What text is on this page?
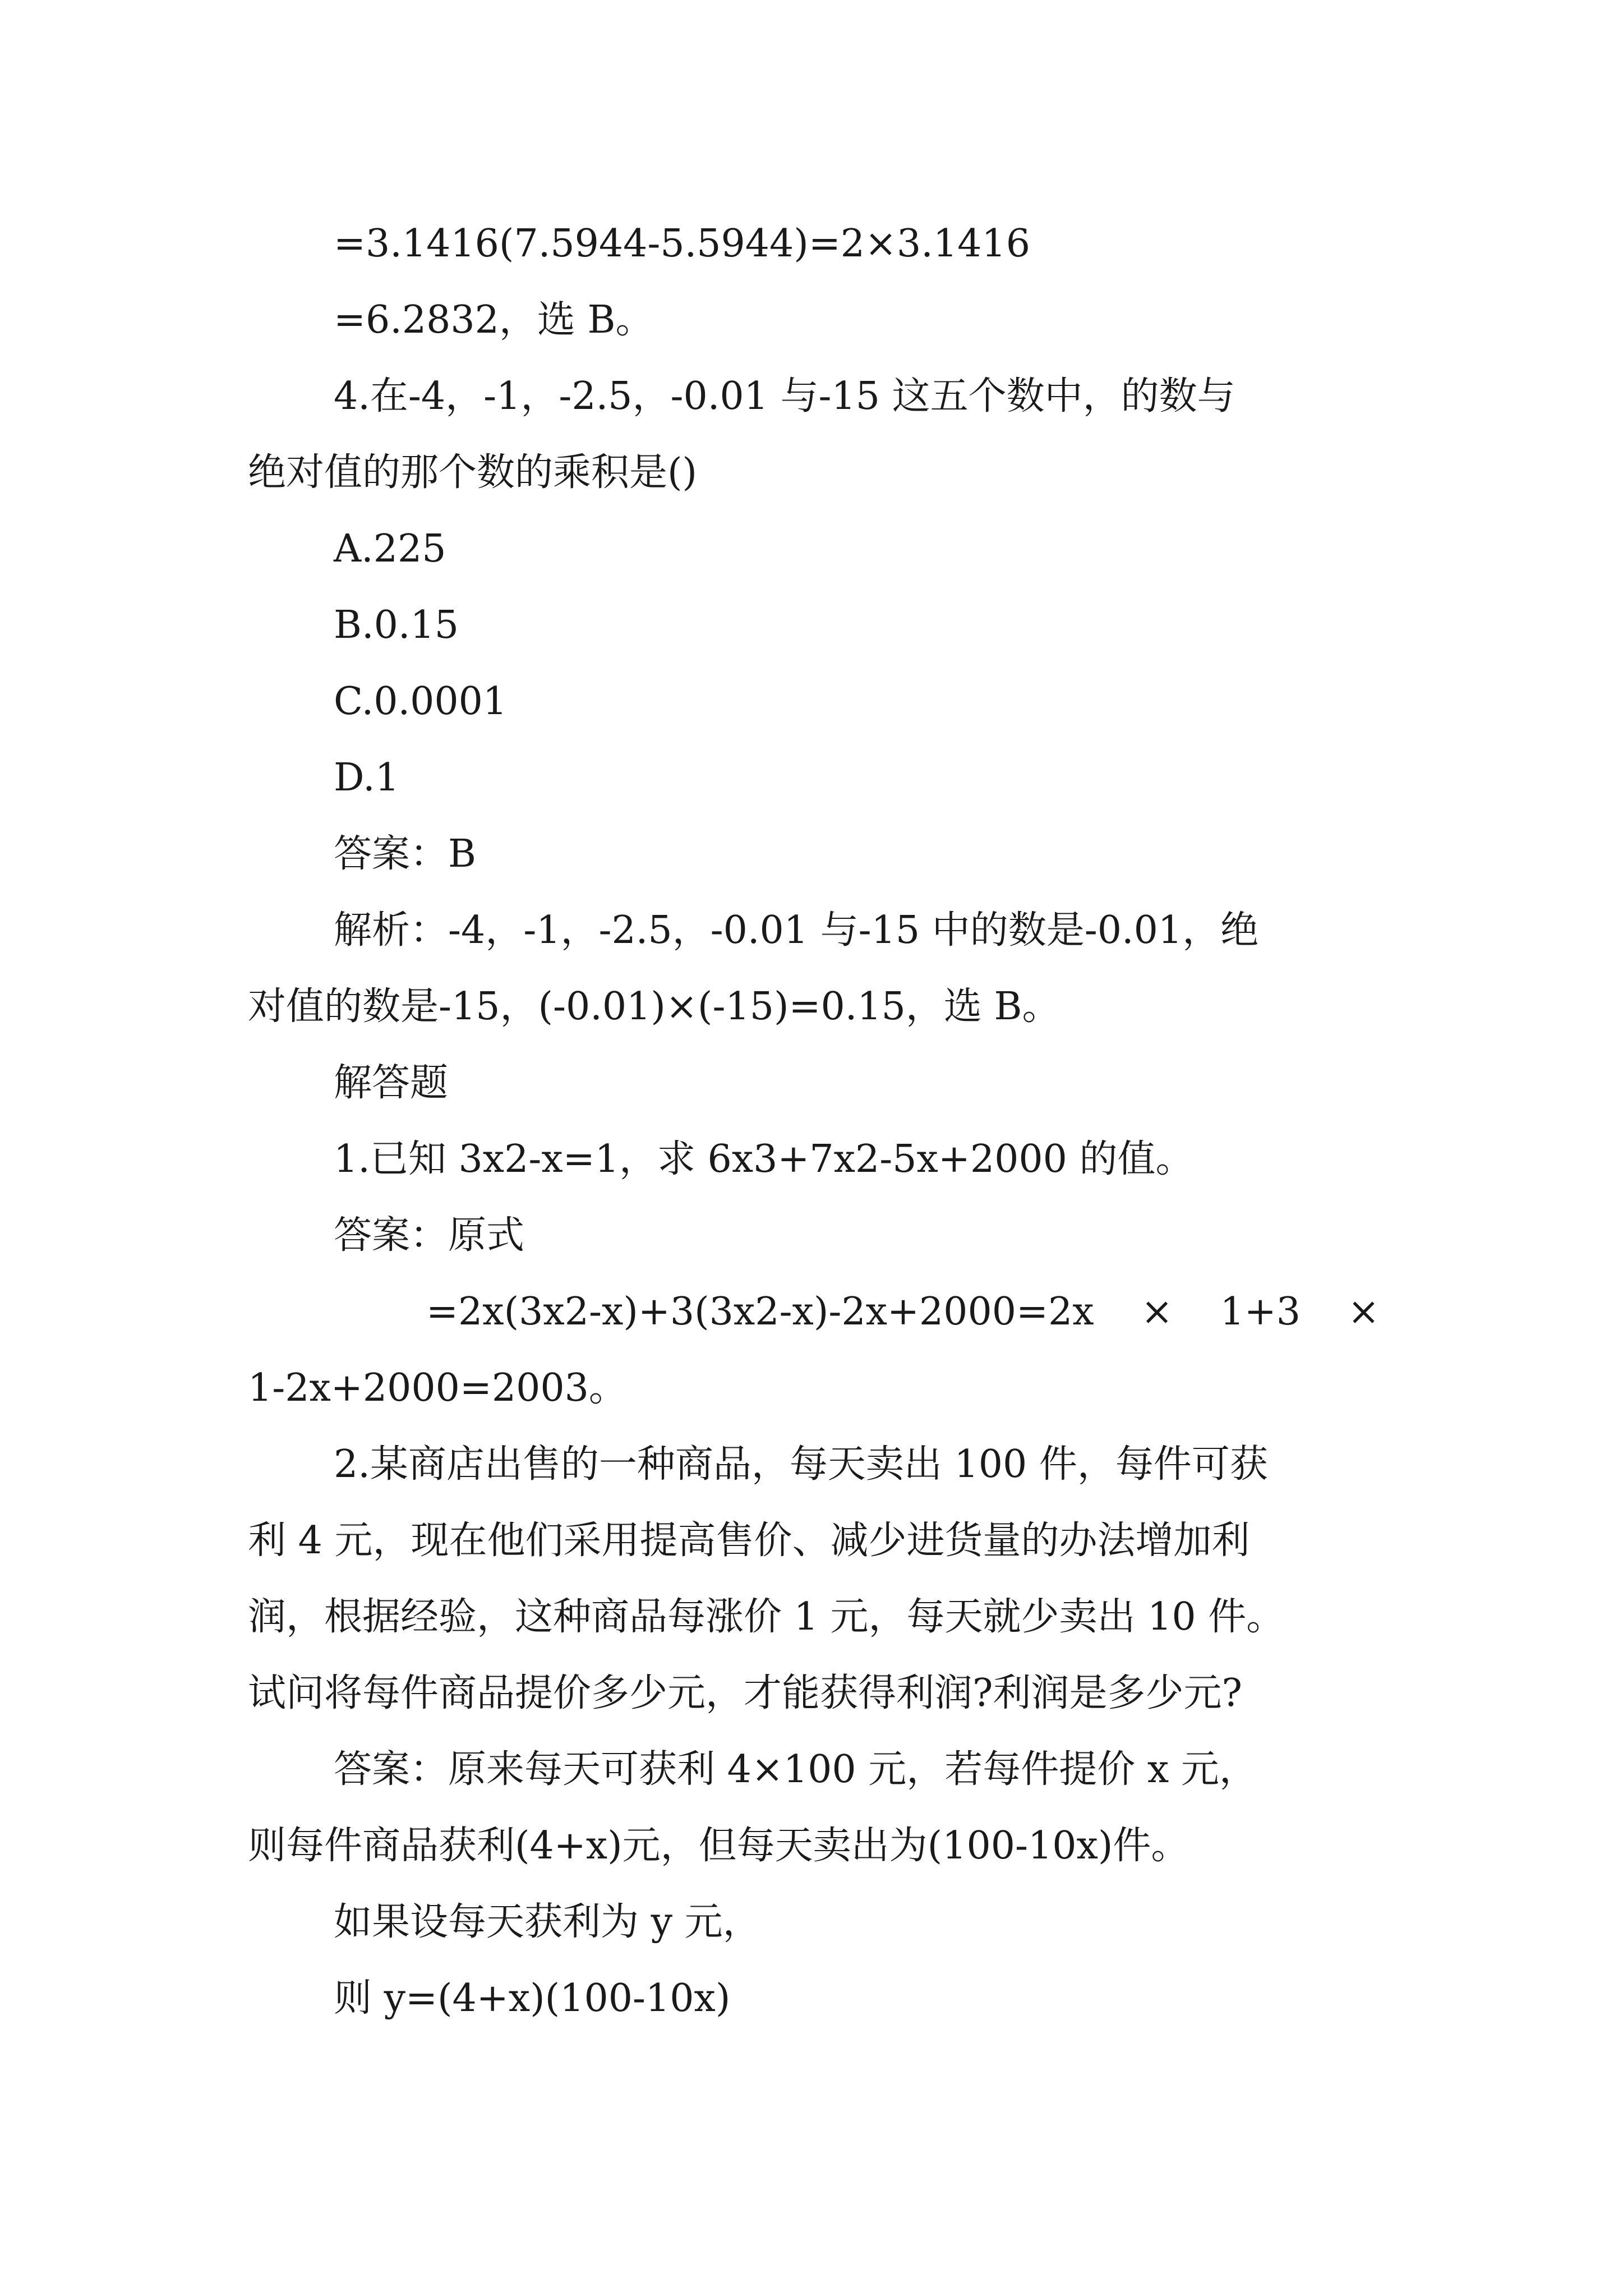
=3.1416(7.5944-5.5944)=2×3.1416
=6.2832，选 B。
4.在-4，-1，-2.5，-0.01 与-15 这五个数中，的数与
绝对值的那个数的乘积是()
A.225
B.0.15
C.0.0001
D.1
答案：B
解析：-4，-1，-2.5，-0.01 与-15 中的数是-0.01，绝
对值的数是-15，(-0.01)×(-15)=0.15，选 B。
解答题
1.已知 3x2-x=1，求 6x3+7x2-5x+2000 的值。
答案：原式
=2x(3x2-x)+3(3x2-x)-2x+2000=2x × 1+3 ×
1-2x+2000=2003。
2.某商店出售的一种商品，每天卖出 100 件，每件可获
利 4 元，现在他们采用提高售价、减少进货量的办法增加利
润，根据经验，这种商品每涨价 1 元，每天就少卖出 10 件。
试问将每件商品提价多少元，才能获得利润?利润是多少元?
答案：原来每天可获利 4×100 元，若每件提价 x 元，
则每件商品获利(4+x)元，但每天卖出为(100-10x)件。
如果设每天获利为 y 元，
则 y=(4+x)(100-10x)
